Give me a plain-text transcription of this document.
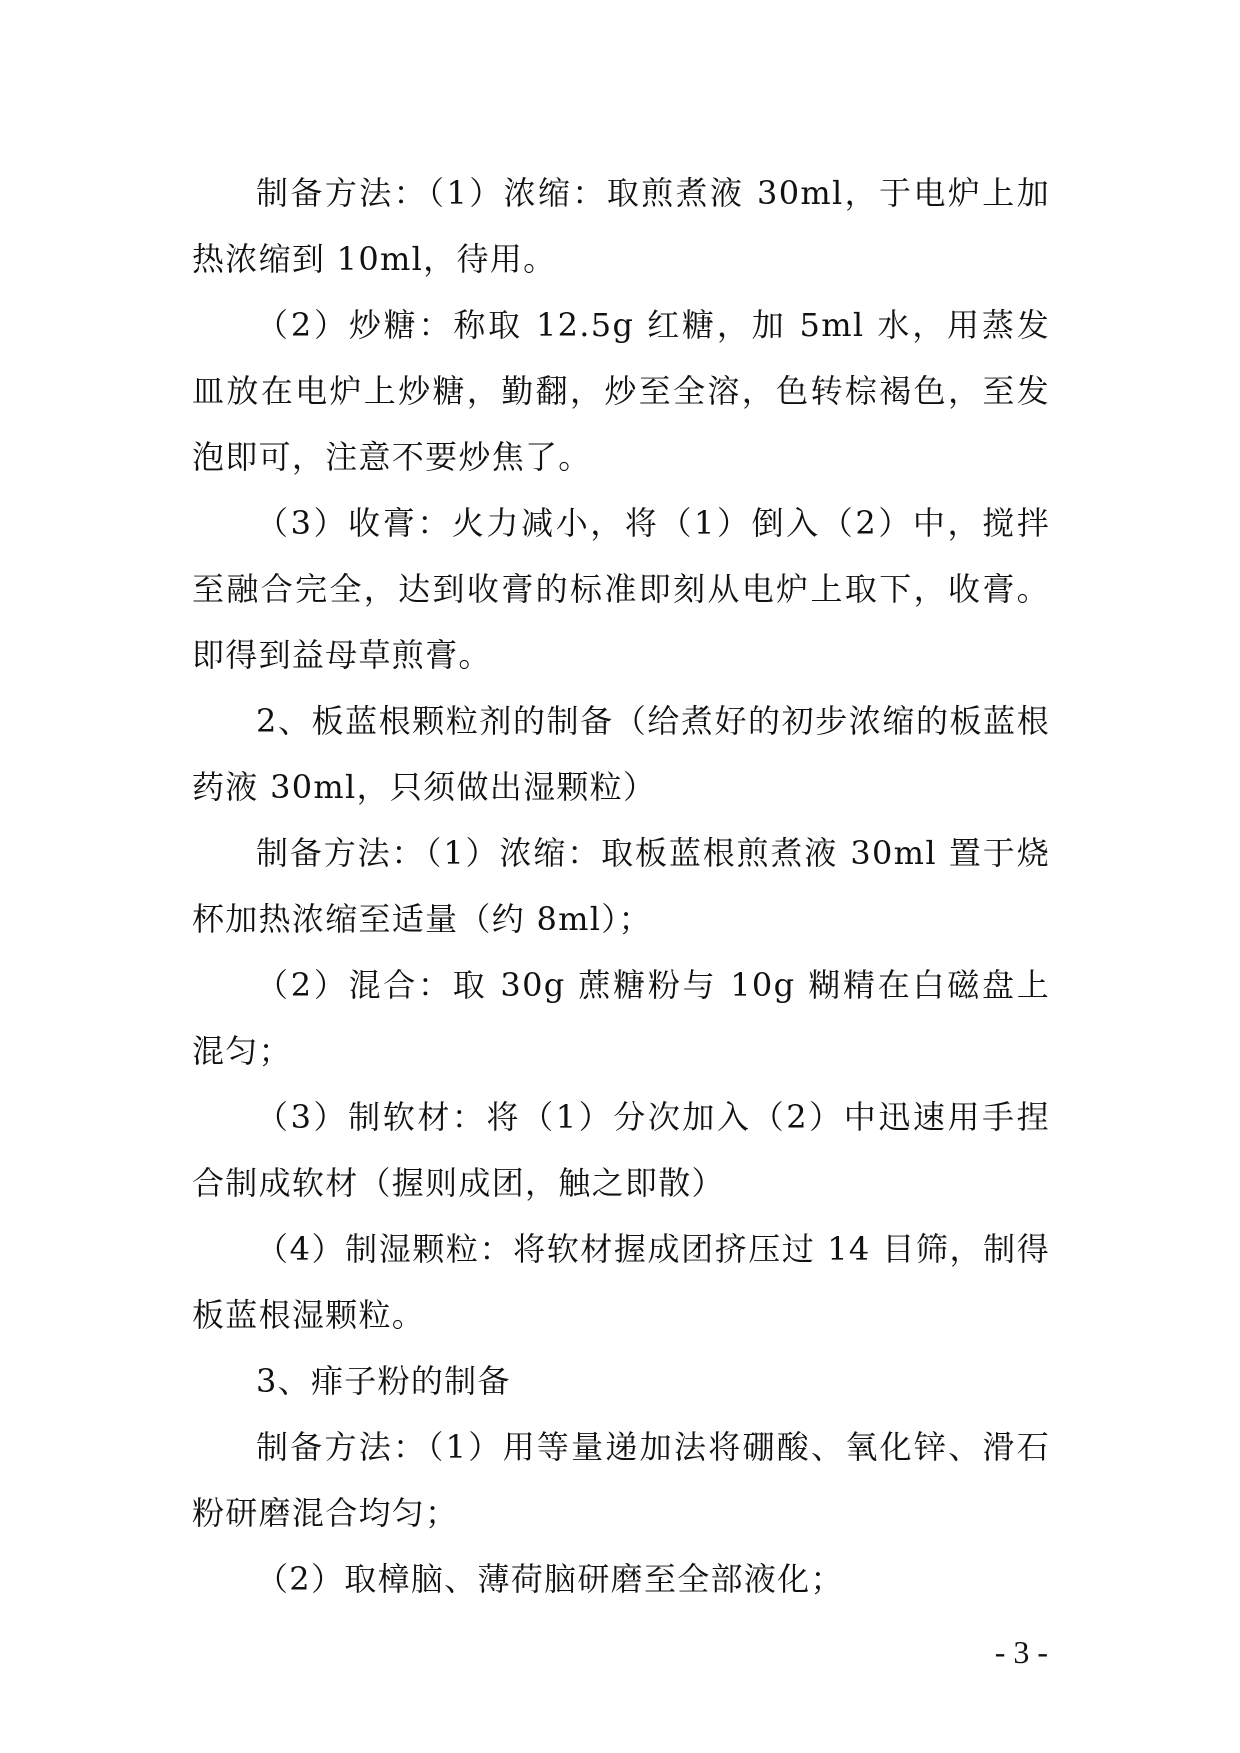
制备方法：（1）浓缩：取煎煮液 30ml，于电炉上加热浓缩到 10ml，待用。

（2）炒糖：称取 12.5g 红糖，加 5ml 水，用蒸发皿放在电炉上炒糖，勤翻，炒至全溶，色转棕褐色，至发泡即可，注意不要炒焦了。

（3）收膏：火力减小，将（1）倒入（2）中，搅拌至融合完全，达到收膏的标准即刻从电炉上取下，收膏。即得到益母草煎膏。

2、板蓝根颗粒剂的制备（给煮好的初步浓缩的板蓝根药液 30ml，只须做出湿颗粒）

制备方法：（1）浓缩：取板蓝根煎煮液 30ml 置于烧杯加热浓缩至适量（约 8ml）；

（2）混合：取 30g 蔗糖粉与 10g 糊精在白磁盘上混匀；

（3）制软材：将（1）分次加入（2）中迅速用手捏合制成软材（握则成团，触之即散）

（4）制湿颗粒：将软材握成团挤压过 14 目筛，制得板蓝根湿颗粒。

3、痱子粉的制备

制备方法：（1）用等量递加法将硼酸、氧化锌、滑石粉研磨混合均匀；

（2）取樟脑、薄荷脑研磨至全部液化；

- 3 -
